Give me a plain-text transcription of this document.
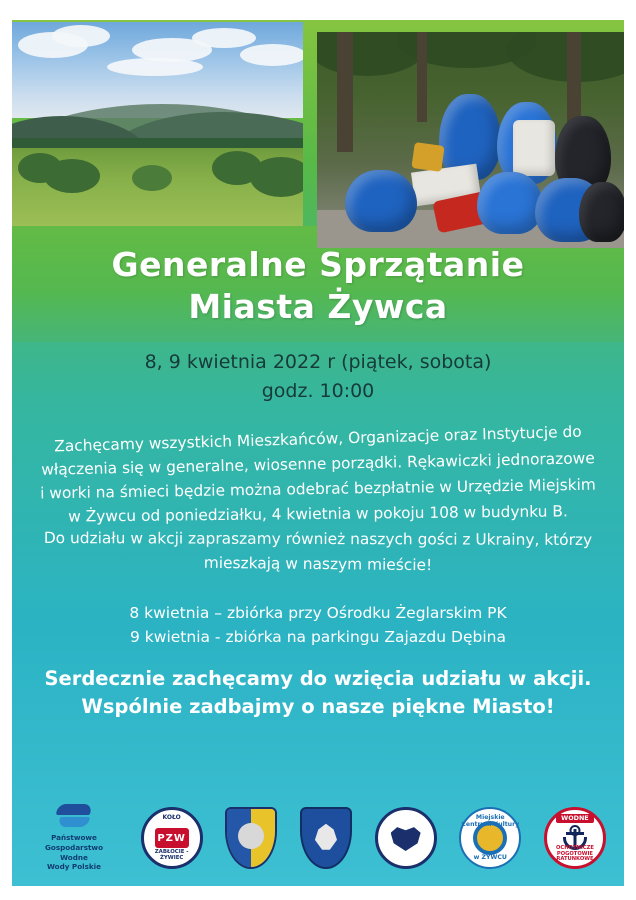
Generalne Sprzątanie
Miasta Żywca
8, 9 kwietnia 2022 r (piątek, sobota)
godz. 10:00
Zachęcamy wszystkich Mieszkańców, Organizacje oraz Instytucje do
włączenia się w generalne, wiosenne porządki. Rękawiczki jednorazowe
i worki na śmieci będzie można odebrać bezpłatnie w Urzędzie Miejskim
w Żywcu od poniedziałku, 4 kwietnia w pokoju 108 w budynku B.
Do udziału w akcji zapraszamy również naszych gości z Ukrainy, którzy
mieszkają w naszym mieście!
8 kwietnia – zbiórka przy Ośrodku Żeglarskim PK
9 kwietnia - zbiórka na parkingu Zajazdu Dębina
Serdecznie zachęcamy do wzięcia udziału w akcji.
Wspólnie zadbajmy o nasze piękne Miasto!
Państwowe
Gospodarstwo Wodne
Wody Polskie
KOŁO
PZW
ZABŁOCIE - ŻYWIEC
Miejskie Centrum Kultury
w ŻYWCU
WODNE
OCHOTNICZE POGOTOWIE RATUNKOWE
